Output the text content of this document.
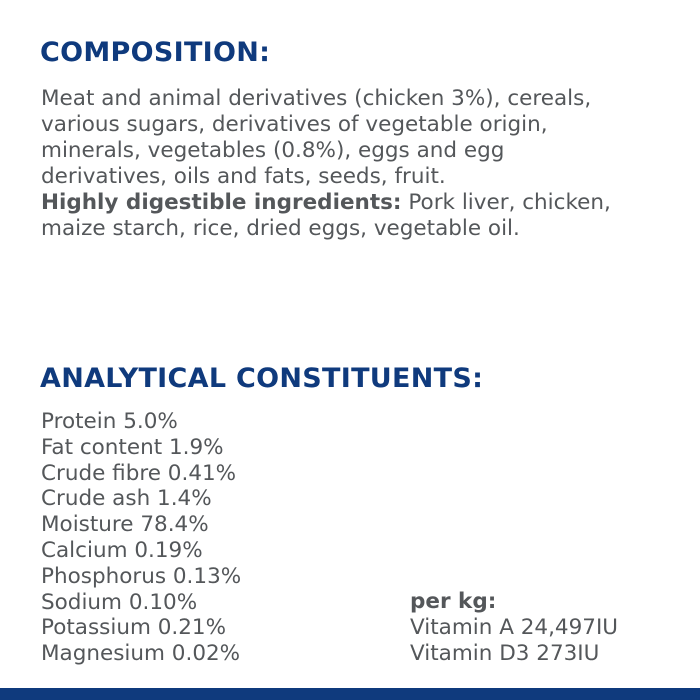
COMPOSITION:
Meat and animal derivatives (chicken 3%), cereals,
various sugars, derivatives of vegetable origin,
minerals, vegetables (0.8%), eggs and egg
derivatives, oils and fats, seeds, fruit.
Highly digestible ingredients: Pork liver, chicken,
maize starch, rice, dried eggs, vegetable oil.
ANALYTICAL CONSTITUENTS:
Protein 5.0%
Fat content 1.9%
Crude fibre 0.41%
Crude ash 1.4%
Moisture 78.4%
Calcium 0.19%
Phosphorus 0.13%
Sodium 0.10%
Potassium 0.21%
Magnesium 0.02%
per kg:
Vitamin A 24,497IU
Vitamin D3 273IU
